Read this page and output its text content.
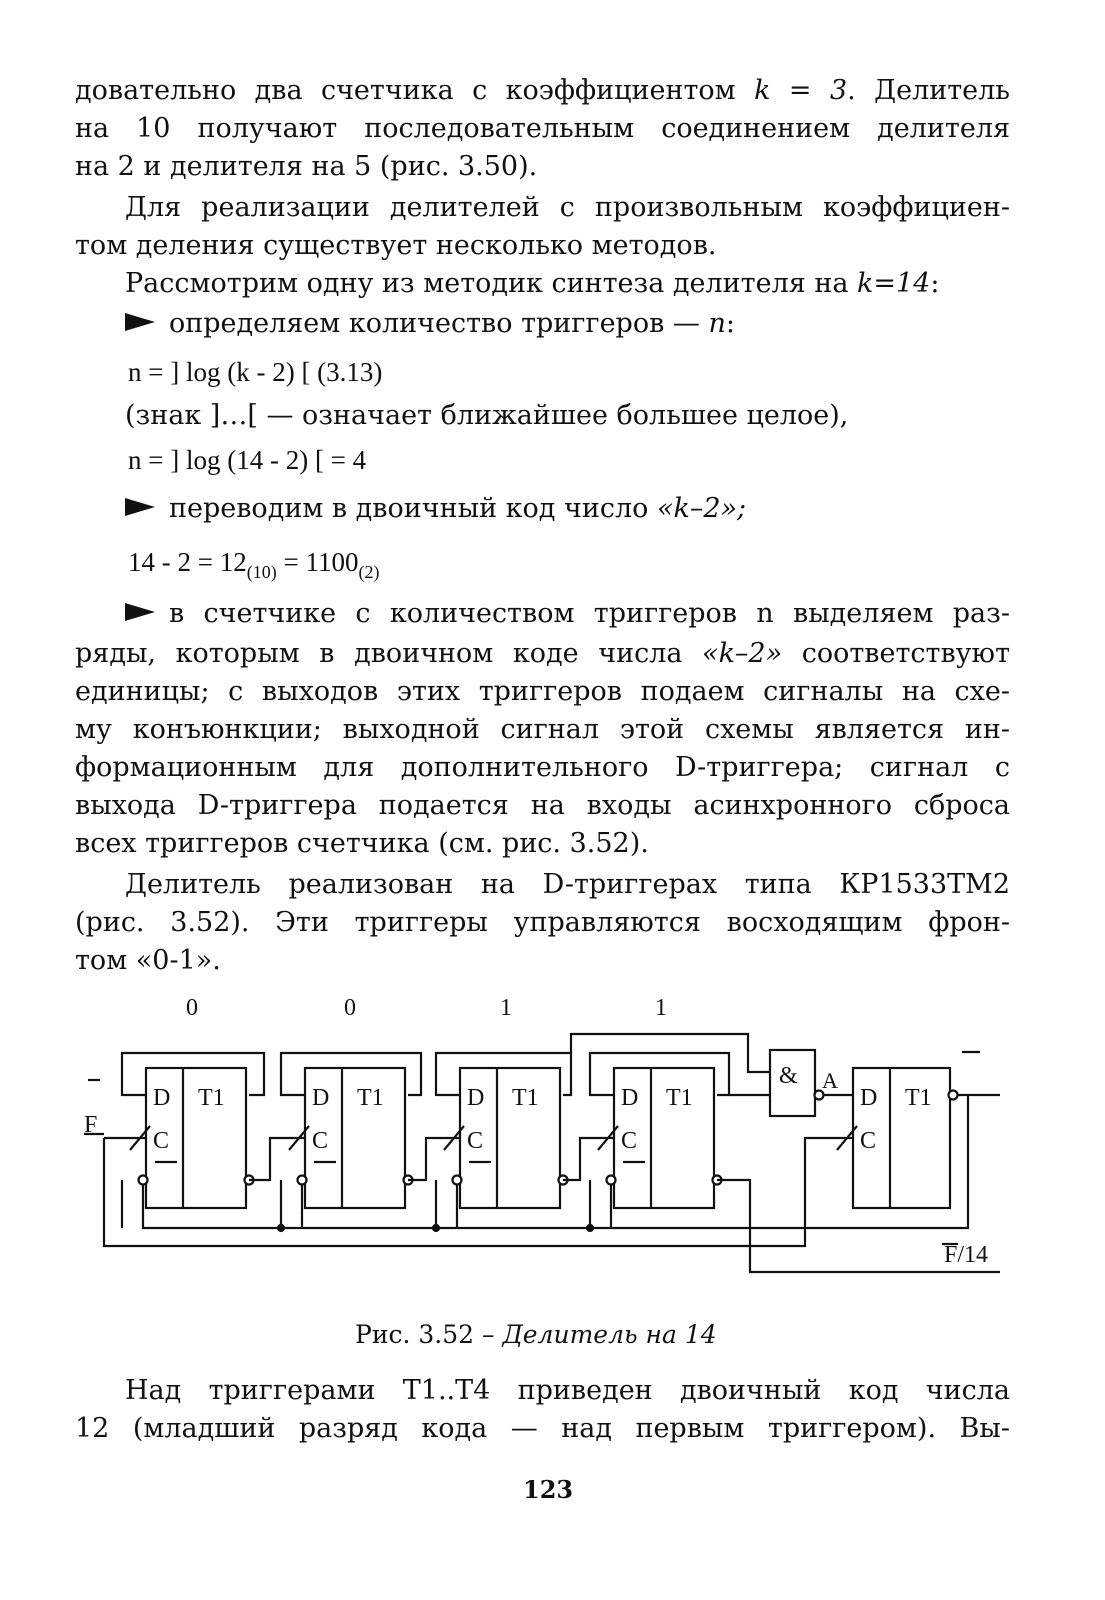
довательно два счетчика с коэффициентом k = 3. Делитель
на 10 получают последовательным соединением делителя
на 2 и делителя на 5 (рис. 3.50).
Для реализации делителей с произвольным коэффициен-
том деления существует несколько методов.
Рассмотрим одну из методик синтеза делителя на k=14:
определяем количество триггеров — n:
n = ] log (k - 2) [ (3.13)
(знак ]…[ — означает ближайшее большее целое),
n = ] log (14 - 2) [ = 4
переводим в двоичный код число «k–2»;
$14 - 2 = 12_{(10)} = 1100_{(2)}$
в счетчике с количеством триггеров n выделяем раз-
ряды, которым в двоичном коде числа «k–2» соответствуют
единицы; с выходов этих триггеров подаем сигналы на схе-
му конъюнкции; выходной сигнал этой схемы является ин-
формационным для дополнительного D-триггера; сигнал с
выхода D-триггера подается на входы асинхронного сброса
всех триггеров счетчика (см. рис. 3.52).
Делитель реализован на D-триггерах типа КР1533ТМ2
(рис. 3.52). Эти триггеры управляются восходящим фрон-
том «0-1».
0	0	1	1
D
C
T1	D
C
T1	D
C
T1	D
C
T1	D
C
T1
& A
F
F/14
Рис. 3.52 – Делитель на 14
Над триггерами Т1..Т4 приведен двоичный код числа
12 (младший разряд кода — над первым триггером). Вы-
123
